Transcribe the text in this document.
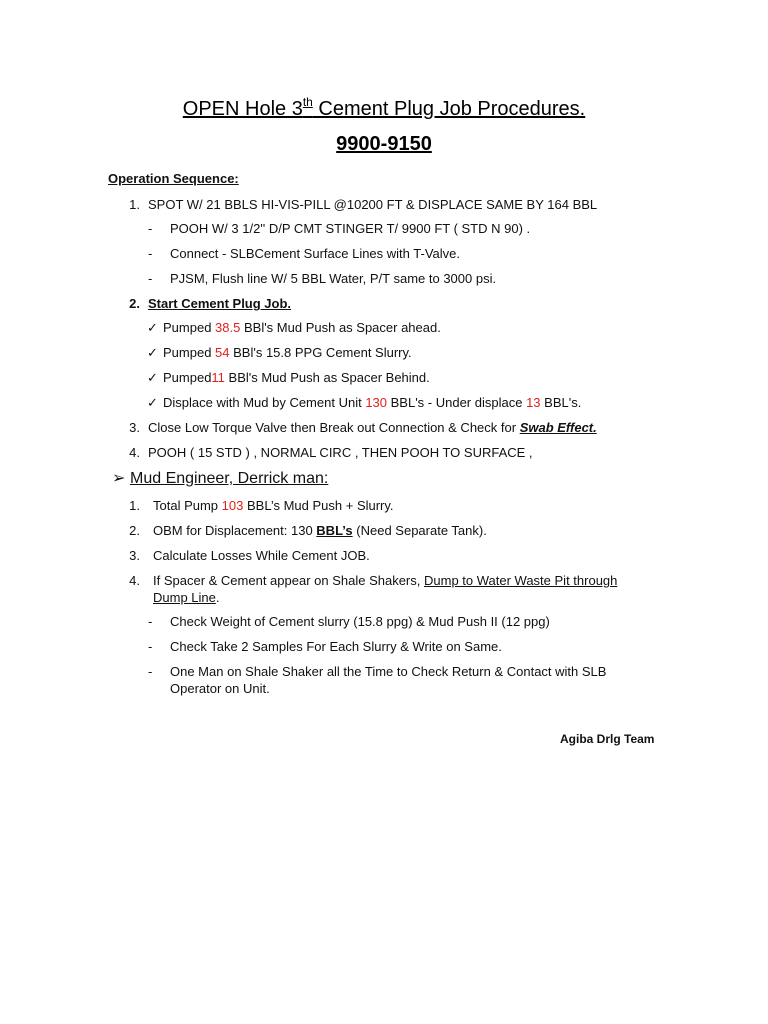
OPEN Hole 3th Cement Plug Job Procedures.
9900-9150
Operation Sequence:
1. SPOT W/ 21 BBLS HI-VIS-PILL @10200 FT & DISPLACE SAME BY 164 BBL
- POOH W/ 3 1/2'' D/P CMT STINGER T/ 9900 FT ( STD N 90) .
- Connect - SLBCement Surface Lines with T-Valve.
- PJSM, Flush line W/ 5 BBL Water, P/T same to 3000 psi.
2. Start Cement Plug Job.
✓ Pumped 38.5 BBl's Mud Push as Spacer ahead.
✓ Pumped 54 BBl's 15.8 PPG Cement Slurry.
✓ Pumped11 BBl's Mud Push as Spacer Behind.
✓ Displace with Mud by Cement Unit 130 BBL's - Under displace 13 BBL's.
3. Close Low Torque Valve then Break out Connection & Check for Swab Effect.
4. POOH ( 15 STD ) , NORMAL CIRC , THEN POOH TO SURFACE ,
➢ Mud Engineer, Derrick man:
1. Total Pump 103 BBL’s Mud Push + Slurry.
2. OBM for Displacement: 130 BBL’s (Need Separate Tank).
3. Calculate Losses While Cement JOB.
4. If Spacer & Cement appear on Shale Shakers, Dump to Water Waste Pit through
Dump Line.
- Check Weight of Cement slurry (15.8 ppg) & Mud Push II (12 ppg)
- Check Take 2 Samples For Each Slurry & Write on Same.
- One Man on Shale Shaker all the Time to Check Return & Contact with SLB
Operator on Unit.
Agiba Drlg Team
